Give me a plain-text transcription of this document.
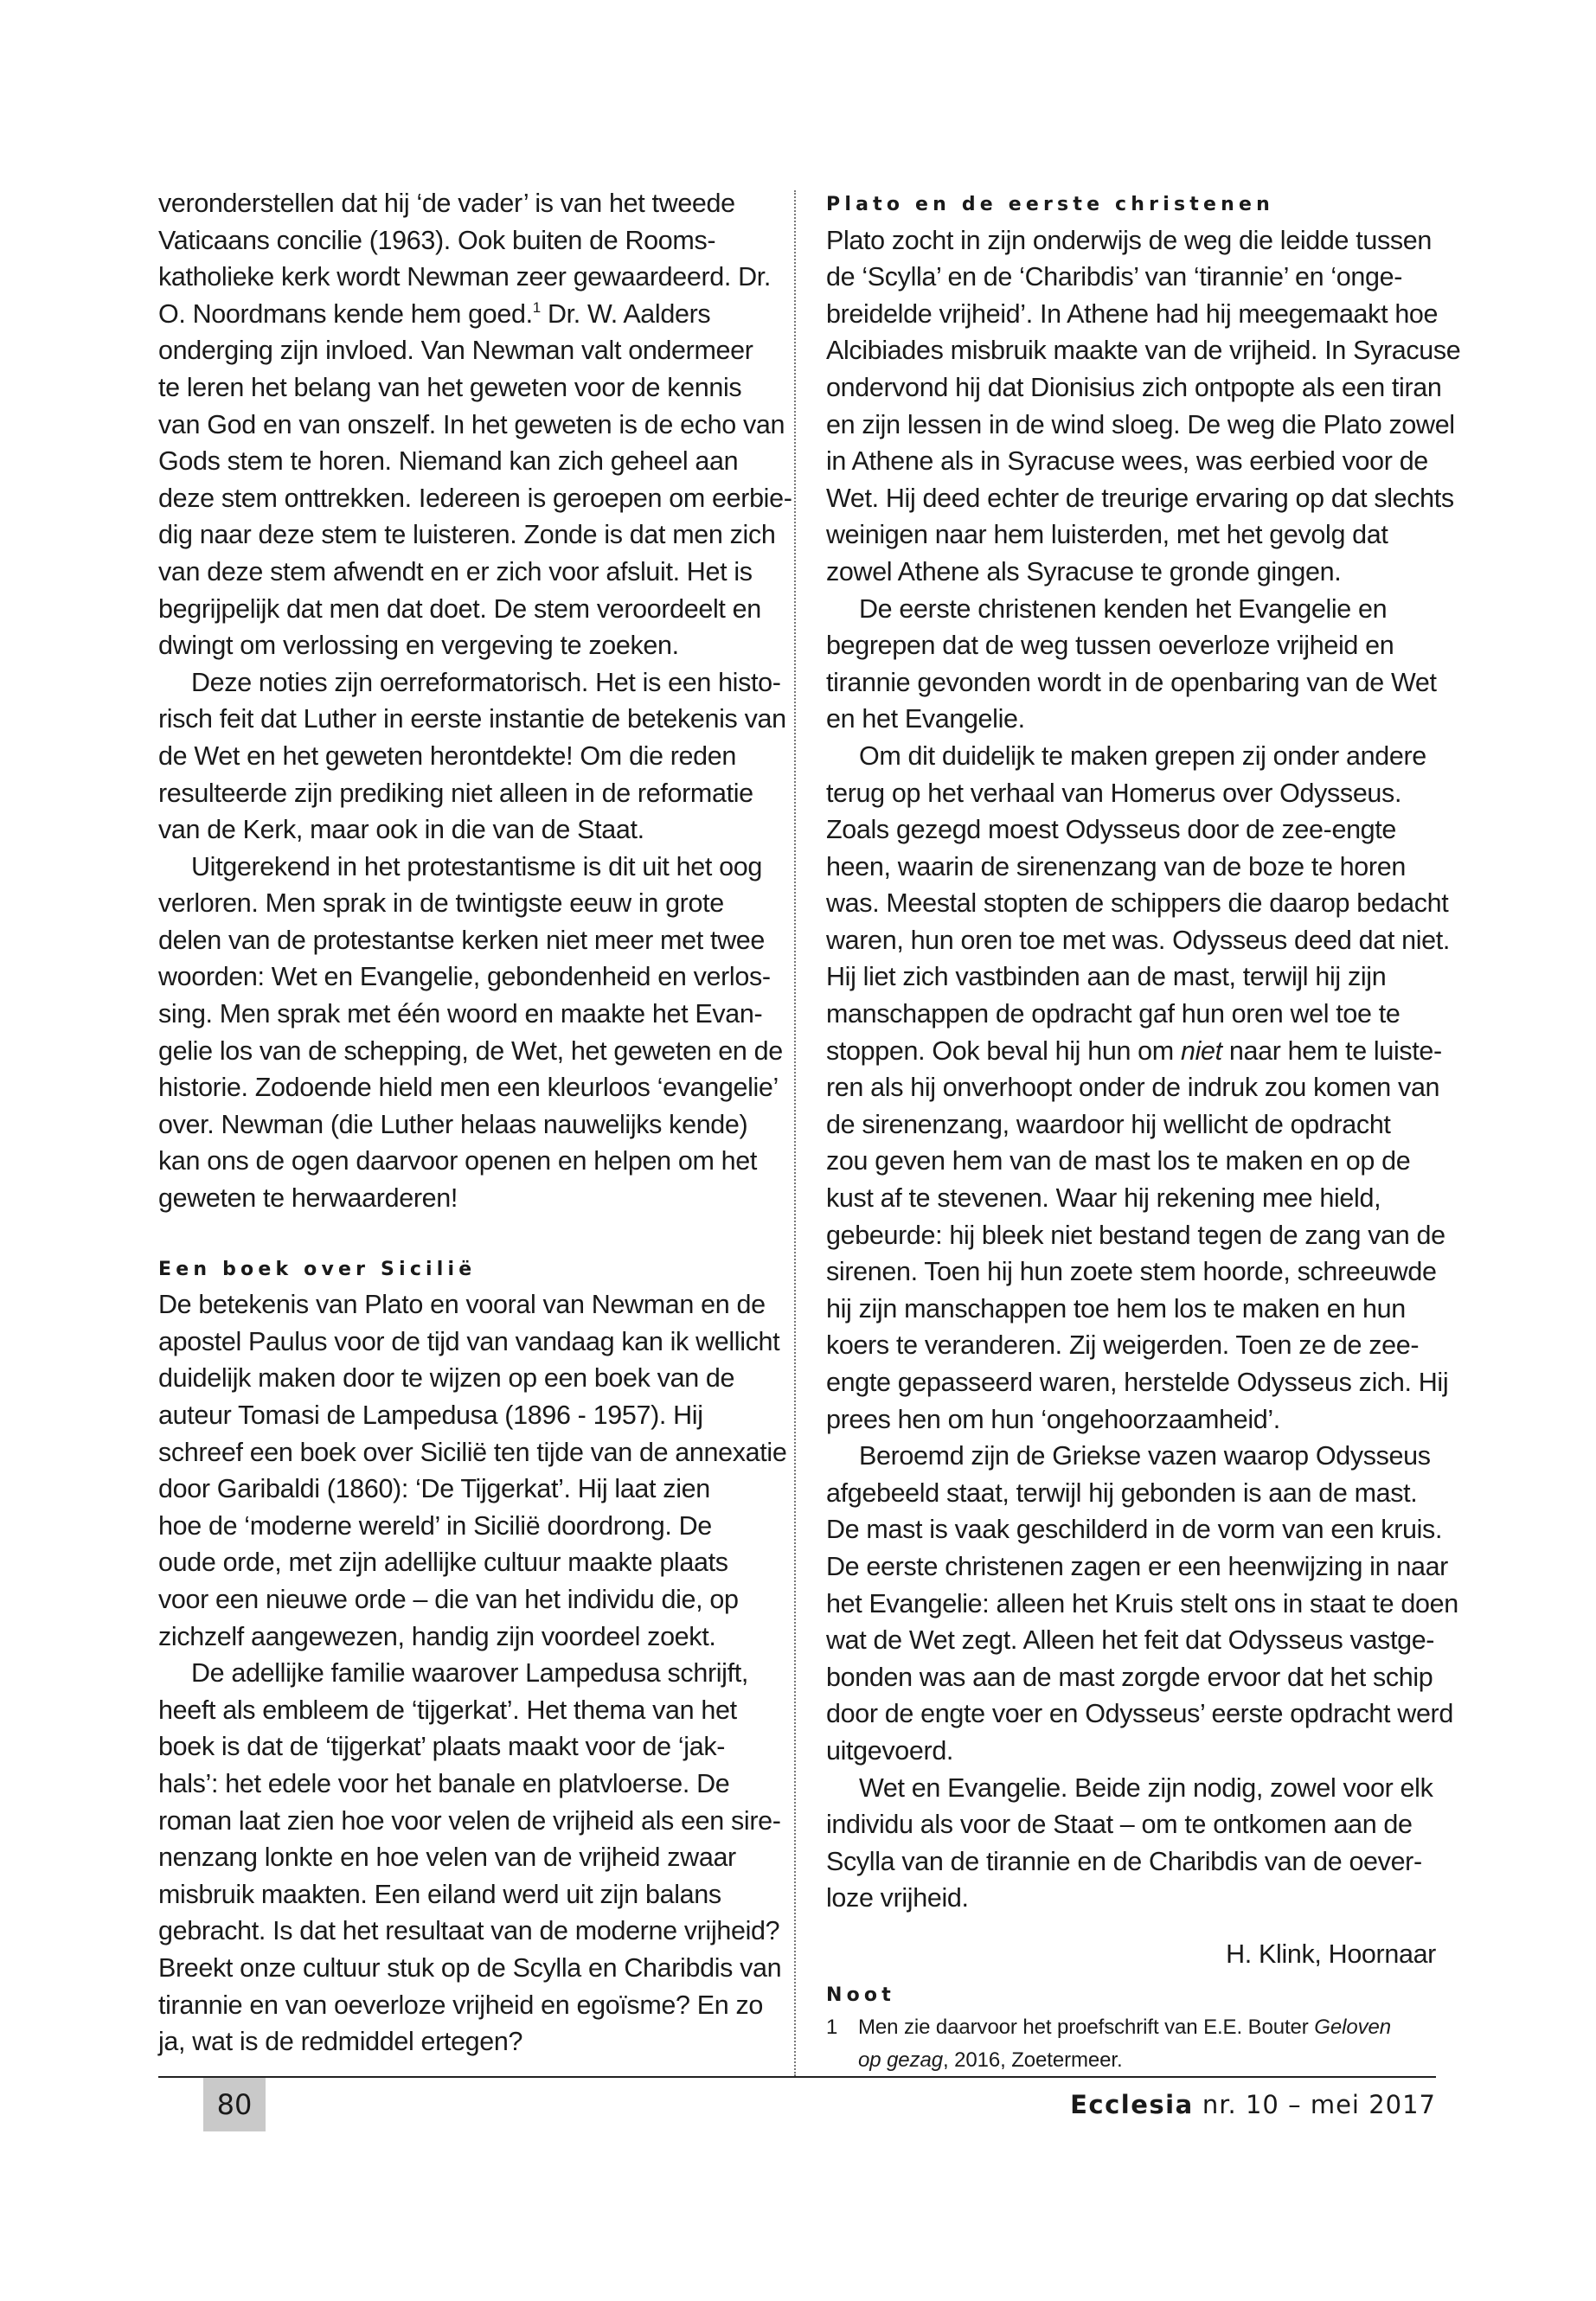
veronderstellen dat hij ‘de vader’ is van het tweede
Vaticaans concilie (1963). Ook buiten de Rooms-
katholieke kerk wordt Newman zeer gewaardeerd. Dr.
O. Noordmans kende hem goed.$^1$ Dr. W. Aalders
onderging zijn invloed. Van Newman valt ondermeer
te leren het belang van het geweten voor de kennis
van God en van onszelf. In het geweten is de echo van
Gods stem te horen. Niemand kan zich geheel aan
deze stem onttrekken. Iedereen is geroepen om eerbie-
dig naar deze stem te luisteren. Zonde is dat men zich
van deze stem afwendt en er zich voor afsluit. Het is
begrijpelijk dat men dat doet. De stem veroordeelt en
dwingt om verlossing en vergeving te zoeken.
Deze noties zijn oerreformatorisch. Het is een histo-
risch feit dat Luther in eerste instantie de betekenis van
de Wet en het geweten herontdekte! Om die reden
resulteerde zijn prediking niet alleen in de reformatie
van de Kerk, maar ook in die van de Staat.
Uitgerekend in het protestantisme is dit uit het oog
verloren. Men sprak in de twintigste eeuw in grote
delen van de protestantse kerken niet meer met twee
woorden: Wet en Evangelie, gebondenheid en verlos-
sing. Men sprak met één woord en maakte het Evan-
gelie los van de schepping, de Wet, het geweten en de
historie. Zodoende hield men een kleurloos ‘evangelie’
over. Newman (die Luther helaas nauwelijks kende)
kan ons de ogen daarvoor openen en helpen om het
geweten te herwaarderen!
Een boek over Sicilië
De betekenis van Plato en vooral van Newman en de
apostel Paulus voor de tijd van vandaag kan ik wellicht
duidelijk maken door te wijzen op een boek van de
auteur Tomasi de Lampedusa (1896 - 1957). Hij
schreef een boek over Sicilië ten tijde van de annexatie
door Garibaldi (1860): ‘De Tijgerkat’. Hij laat zien
hoe de ‘moderne wereld’ in Sicilië doordrong. De
oude orde, met zijn adellijke cultuur maakte plaats
voor een nieuwe orde – die van het individu die, op
zichzelf aangewezen, handig zijn voordeel zoekt.
De adellijke familie waarover Lampedusa schrijft,
heeft als embleem de ‘tijgerkat’. Het thema van het
boek is dat de ‘tijgerkat’ plaats maakt voor de ‘jak-
hals’: het edele voor het banale en platvloerse. De
roman laat zien hoe voor velen de vrijheid als een sire-
nenzang lonkte en hoe velen van de vrijheid zwaar
misbruik maakten. Een eiland werd uit zijn balans
gebracht. Is dat het resultaat van de moderne vrijheid?
Breekt onze cultuur stuk op de Scylla en Charibdis van
tirannie en van oeverloze vrijheid en egoïsme? En zo
ja, wat is de redmiddel ertegen?
Plato en de eerste christenen
Plato zocht in zijn onderwijs de weg die leidde tussen
de ‘Scylla’ en de ‘Charibdis’ van ‘tirannie’ en ‘onge-
breidelde vrijheid’. In Athene had hij meegemaakt hoe
Alcibiades misbruik maakte van de vrijheid. In Syracuse
ondervond hij dat Dionisius zich ontpopte als een tiran
en zijn lessen in de wind sloeg. De weg die Plato zowel
in Athene als in Syracuse wees, was eerbied voor de
Wet. Hij deed echter de treurige ervaring op dat slechts
weinigen naar hem luisterden, met het gevolg dat
zowel Athene als Syracuse te gronde gingen.
De eerste christenen kenden het Evangelie en
begrepen dat de weg tussen oeverloze vrijheid en
tirannie gevonden wordt in de openbaring van de Wet
en het Evangelie.
Om dit duidelijk te maken grepen zij onder andere
terug op het verhaal van Homerus over Odysseus.
Zoals gezegd moest Odysseus door de zee-engte
heen, waarin de sirenenzang van de boze te horen
was. Meestal stopten de schippers die daarop bedacht
waren, hun oren toe met was. Odysseus deed dat niet.
Hij liet zich vastbinden aan de mast, terwijl hij zijn
manschappen de opdracht gaf hun oren wel toe te
stoppen. Ook beval hij hun om niet naar hem te luiste-
ren als hij onverhoopt onder de indruk zou komen van
de sirenenzang, waardoor hij wellicht de opdracht
zou geven hem van de mast los te maken en op de
kust af te stevenen. Waar hij rekening mee hield,
gebeurde: hij bleek niet bestand tegen de zang van de
sirenen. Toen hij hun zoete stem hoorde, schreeuwde
hij zijn manschappen toe hem los te maken en hun
koers te veranderen. Zij weigerden. Toen ze de zee-
engte gepasseerd waren, herstelde Odysseus zich. Hij
prees hen om hun ‘ongehoorzaamheid’.
Beroemd zijn de Griekse vazen waarop Odysseus
afgebeeld staat, terwijl hij gebonden is aan de mast.
De mast is vaak geschilderd in de vorm van een kruis.
De eerste christenen zagen er een heenwijzing in naar
het Evangelie: alleen het Kruis stelt ons in staat te doen
wat de Wet zegt. Alleen het feit dat Odysseus vastge-
bonden was aan de mast zorgde ervoor dat het schip
door de engte voer en Odysseus’ eerste opdracht werd
uitgevoerd.
Wet en Evangelie. Beide zijn nodig, zowel voor elk
individu als voor de Staat – om te ontkomen aan de
Scylla van de tirannie en de Charibdis van de oever-
loze vrijheid.
H. Klink, Hoornaar
Noot
1 Men zie daarvoor het proefschrift van E.E. Bouter Geloven
op gezag, 2016, Zoetermeer.
80	Ecclesia nr. 10 – mei 2017
